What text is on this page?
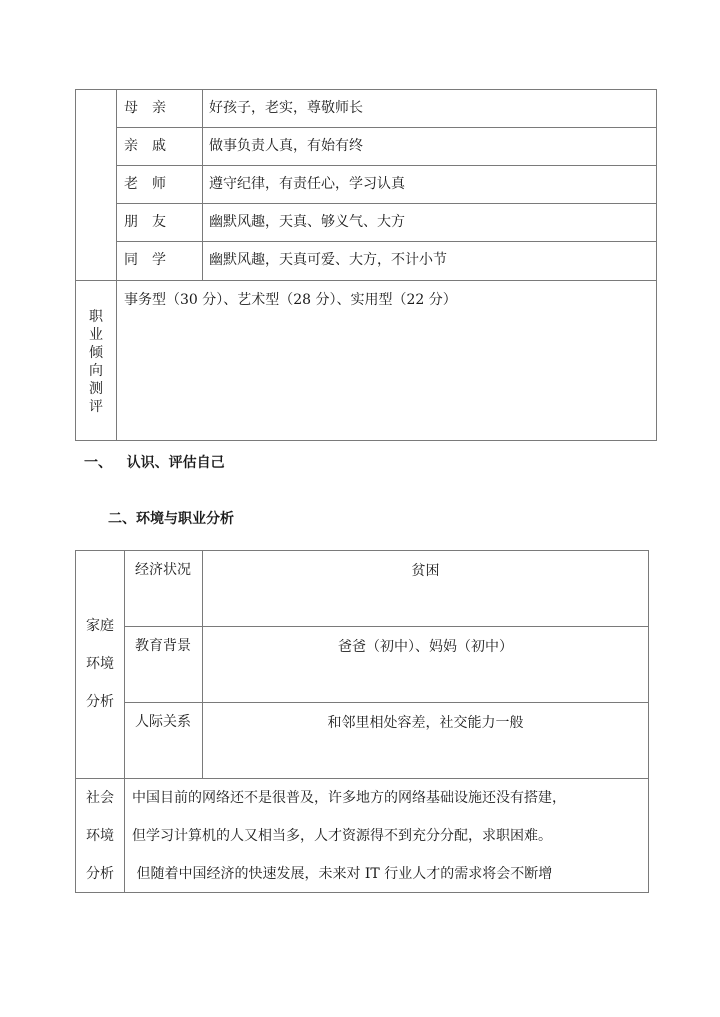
母亲 好孩子，老实，尊敬师长
亲戚 做事负责人真，有始有终
老师 遵守纪律，有责任心，学习认真
朋友 幽默风趣，天真、够义气、大方
同学 幽默风趣，天真可爱、大方，不计小节
职业倾向测评
事务型（30 分）、艺术型（28 分）、实用型（22 分）
一、   认识、评估自己
二、环境与职业分析
家庭环境分析
经济状况	贫困
教育背景	爸爸（初中）、妈妈（初中）
人际关系	和邻里相处容差，社交能力一般
社会环境分析
中国目前的网络还不是很普及，许多地方的网络基础设施还没有搭建，
但学习计算机的人又相当多，人才资源得不到充分分配，求职困难。
但随着中国经济的快速发展，未来对 IT 行业人才的需求将会不断增
